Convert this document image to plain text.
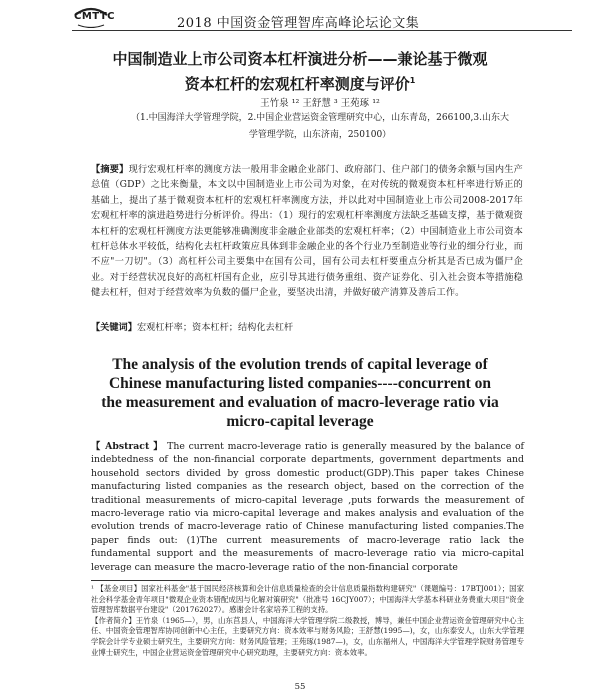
CMTTC	2018 中国资金管理智库高峰论坛论文集
中国制造业上市公司资本杠杆演进分析——兼论基于微观
资本杠杆的宏观杠杆率测度与评价$^1$
王竹泉 ¹² 王舒慧 ³ 王苑琢 ¹²
（1.中国海洋大学管理学院，2.中国企业营运资金管理研究中心，山东青岛，266100,3.山东大
学管理学院，山东济南，250100）
【摘要】现行宏观杠杆率的测度方法一般用非金融企业部门、政府部门、住户部门的债务余额与国内生产总值（GDP）之比来衡量，本文以中国制造业上市公司为对象，在对传统的微观资本杠杆率进行矫正的基础上，提出了基于微观资本杠杆的宏观杠杆率测度方法，并以此对中国制造业上市公司2008-2017年宏观杠杆率的演进趋势进行分析评价。得出：（1）现行的宏观杠杆率测度方法缺乏基础支撑，基于微观资本杠杆的宏观杠杆测度方法更能够准确测度非金融企业部类的宏观杠杆率；（2）中国制造业上市公司资本杠杆总体水平较低，结构化去杠杆政策应具体到非金融企业的各个行业乃至制造业等行业的细分行业，而不应"一刀切"。（3）高杠杆公司主要集中在国有公司，国有公司去杠杆要重点分析其是否已成为僵尸企业。对于经营状况良好的高杠杆国有企业，应引导其进行债务重组、资产证券化、引入社会资本等措施稳健去杠杆，但对于经营效率为负数的僵尸企业，要坚决出清，并做好破产清算及善后工作。
【关键词】宏观杠杆率；资本杠杆；结构化去杠杆
The analysis of the evolution trends of capital leverage of
Chinese manufacturing listed companies----concurrent on
the measurement and evaluation of macro-leverage ratio via
micro-capital leverage
【 Abstract 】 The current macro-leverage ratio is generally measured by the balance of indebtedness of the non-financial corporate departments, government departments and household sectors divided by gross domestic product(GDP).This paper takes Chinese manufacturing listed companies as the research object, based on the correction of the traditional measurements of micro-capital leverage ,puts forwards the measurement of macro-leverage ratio via micro-capital leverage and makes analysis and evaluation of the evolution trends of macro-leverage ratio of Chinese manufacturing listed companies.The paper finds out: (1)The current measurements of macro-leverage ratio lack the fundamental support and the measurements of macro-leverage ratio via micro-capital leverage can measure the macro-leverage ratio of the non-financial corporate

¹ 【基金项目】国家社科基金"基于国民经济核算和会计信息质量检查的会计信息质量指数构建研究"（课题编号：17BTJ001）；国家社会科学基金青年项目"微观企业资本错配成因与化解对策研究"（批准号 16CJY007）；中国海洋大学基本科研业务费重大项目"资金管理智库数据平台建设"（201762027）。感谢会计名家培养工程的支持。

【作者简介】王竹泉（1965—），男，山东莒县人，中国海洋大学管理学院二级教授，博导，兼任中国企业营运资金管理研究中心主任、中国资金管理智库协同创新中心主任，主要研究方向：资本效率与财务风险；王舒慧(1995—)，女，山东泰安人，山东大学管理学院会计学专业硕士研究生，主要研究方向：财务风险管理；王苑琢(1987—)，女，山东福州人，中国海洋大学管理学院财务管理专业博士研究生，中国企业营运资金管理研究中心研究助理，主要研究方向：资本效率。

55
